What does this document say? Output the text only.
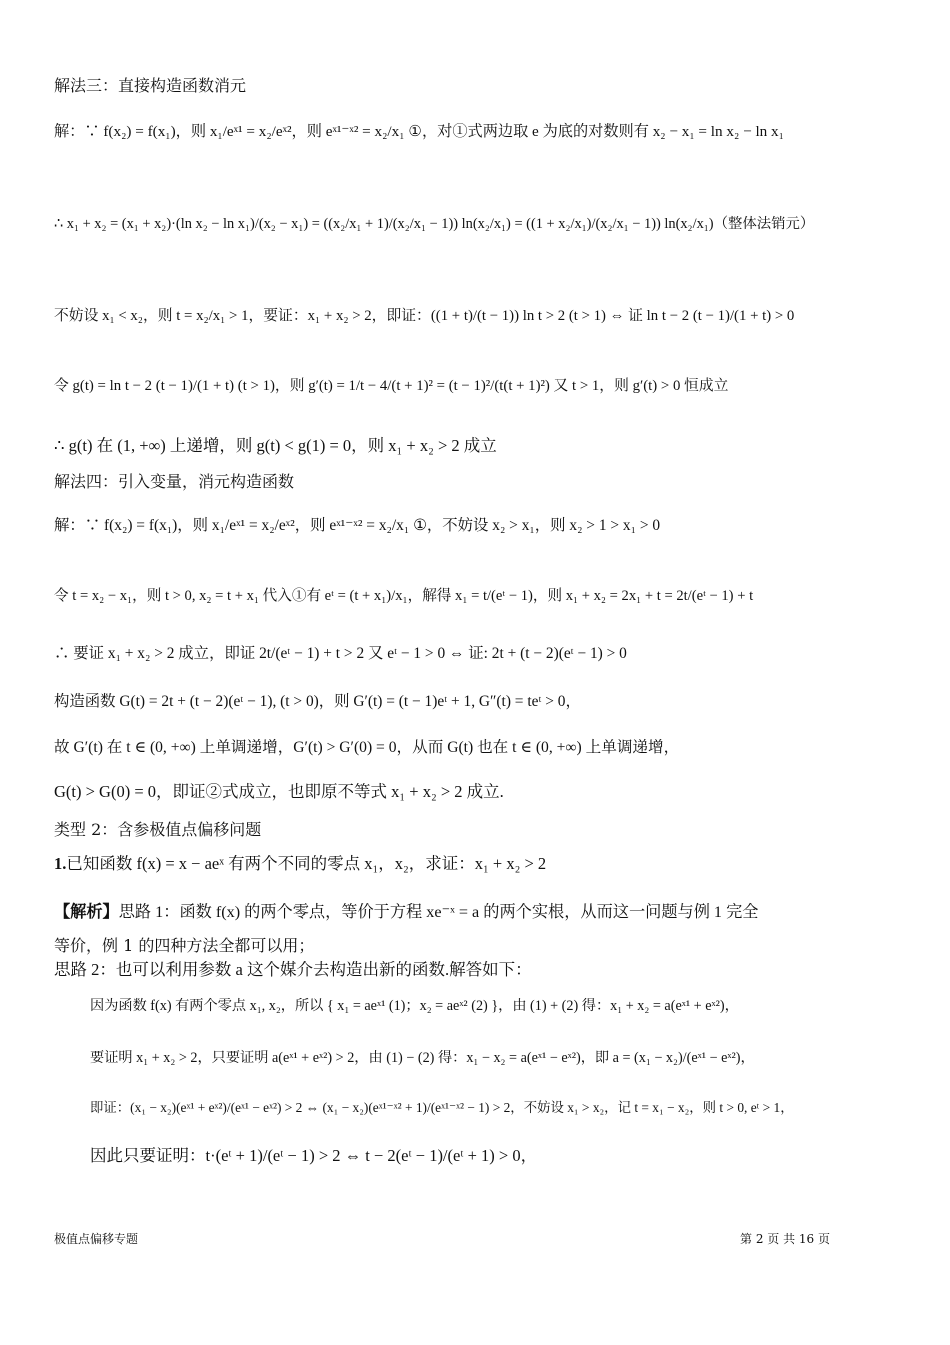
解法三：直接构造函数消元
解：∵ f(x₂) = f(x₁)，则 x₁/eˣ¹ = x₂/eˣ²，则 eˣ¹⁻ˣ² = x₂/x₁ ①，对①式两边取 e 为底的对数则有 x₂ − x₁ = ln x₂ − ln x₁
∴ x₁ + x₂ = (x₁ + x₂)·(ln x₂ − ln x₁)/(x₂ − x₁) = ((x₂/x₁ + 1)/(x₂/x₁ − 1)) ln(x₂/x₁) = ((1 + x₂/x₁)/(x₂/x₁ − 1)) ln(x₂/x₁)（整体法销元）
不妨设 x₁ < x₂，则 t = x₂/x₁ > 1，要证：x₁ + x₂ > 2，即证：((1 + t)/(t − 1)) ln t > 2 (t > 1) ⇔ 证 ln t − 2 (t − 1)/(1 + t) > 0
令 g(t) = ln t − 2 (t − 1)/(1 + t) (t > 1)，则 g′(t) = 1/t − 4/(t + 1)² = (t − 1)²/(t(t + 1)²) 又 t > 1，则 g′(t) > 0 恒成立
∴ g(t) 在 (1, +∞) 上递增，则 g(t) < g(1) = 0，则 x₁ + x₂ > 2 成立
解法四：引入变量，消元构造函数
解：∵ f(x₂) = f(x₁)，则 x₁/eˣ¹ = x₂/eˣ²，则 eˣ¹⁻ˣ² = x₂/x₁ ①，不妨设 x₂ > x₁，则 x₂ > 1 > x₁ > 0
令 t = x₂ − x₁，则 t > 0, x₂ = t + x₁ 代入①有 eᵗ = (t + x₁)/x₁，解得 x₁ = t/(eᵗ − 1)，则 x₁ + x₂ = 2x₁ + t = 2t/(eᵗ − 1) + t
∴ 要证 x₁ + x₂ > 2 成立，即证 2t/(eᵗ − 1) + t > 2 又 eᵗ − 1 > 0 ⇔ 证: 2t + (t − 2)(eᵗ − 1) > 0
构造函数 G(t) = 2t + (t − 2)(eᵗ − 1), (t > 0)，则 G′(t) = (t − 1)eᵗ + 1, G″(t) = teᵗ > 0，
故 G′(t) 在 t ∈ (0, +∞) 上单调递增，G′(t) > G′(0) = 0，从而 G(t) 也在 t ∈ (0, +∞) 上单调递增，
G(t) > G(0) = 0，即证②式成立，也即原不等式 x₁ + x₂ > 2 成立.
类型 2：含参极值点偏移问题
1.已知函数 f(x) = x − aeˣ 有两个不同的零点 x₁，x₂，求证：x₁ + x₂ > 2
【解析】思路 1：函数 f(x) 的两个零点，等价于方程 xe⁻ˣ = a 的两个实根，从而这一问题与例 1 完全
等价，例 1 的四种方法全都可以用；
思路 2：也可以利用参数 a 这个媒介去构造出新的函数.解答如下：
因为函数 f(x) 有两个零点 x₁, x₂，所以 { x₁ = aeˣ¹ (1)；x₂ = aeˣ² (2) }，由 (1) + (2) 得：x₁ + x₂ = a(eˣ¹ + eˣ²)，
要证明 x₁ + x₂ > 2，只要证明 a(eˣ¹ + eˣ²) > 2，由 (1) − (2) 得：x₁ − x₂ = a(eˣ¹ − eˣ²)，即 a = (x₁ − x₂)/(eˣ¹ − eˣ²)，
即证：(x₁ − x₂)(eˣ¹ + eˣ²)/(eˣ¹ − eˣ²) > 2 ⇔ (x₁ − x₂)(eˣ¹⁻ˣ² + 1)/(eˣ¹⁻ˣ² − 1) > 2，不妨设 x₁ > x₂，记 t = x₁ − x₂，则 t > 0, eᵗ > 1，
因此只要证明：t·(eᵗ + 1)/(eᵗ − 1) > 2 ⇔ t − 2(eᵗ − 1)/(eᵗ + 1) > 0，
极值点偏移专题	第 2 页 共 16 页
